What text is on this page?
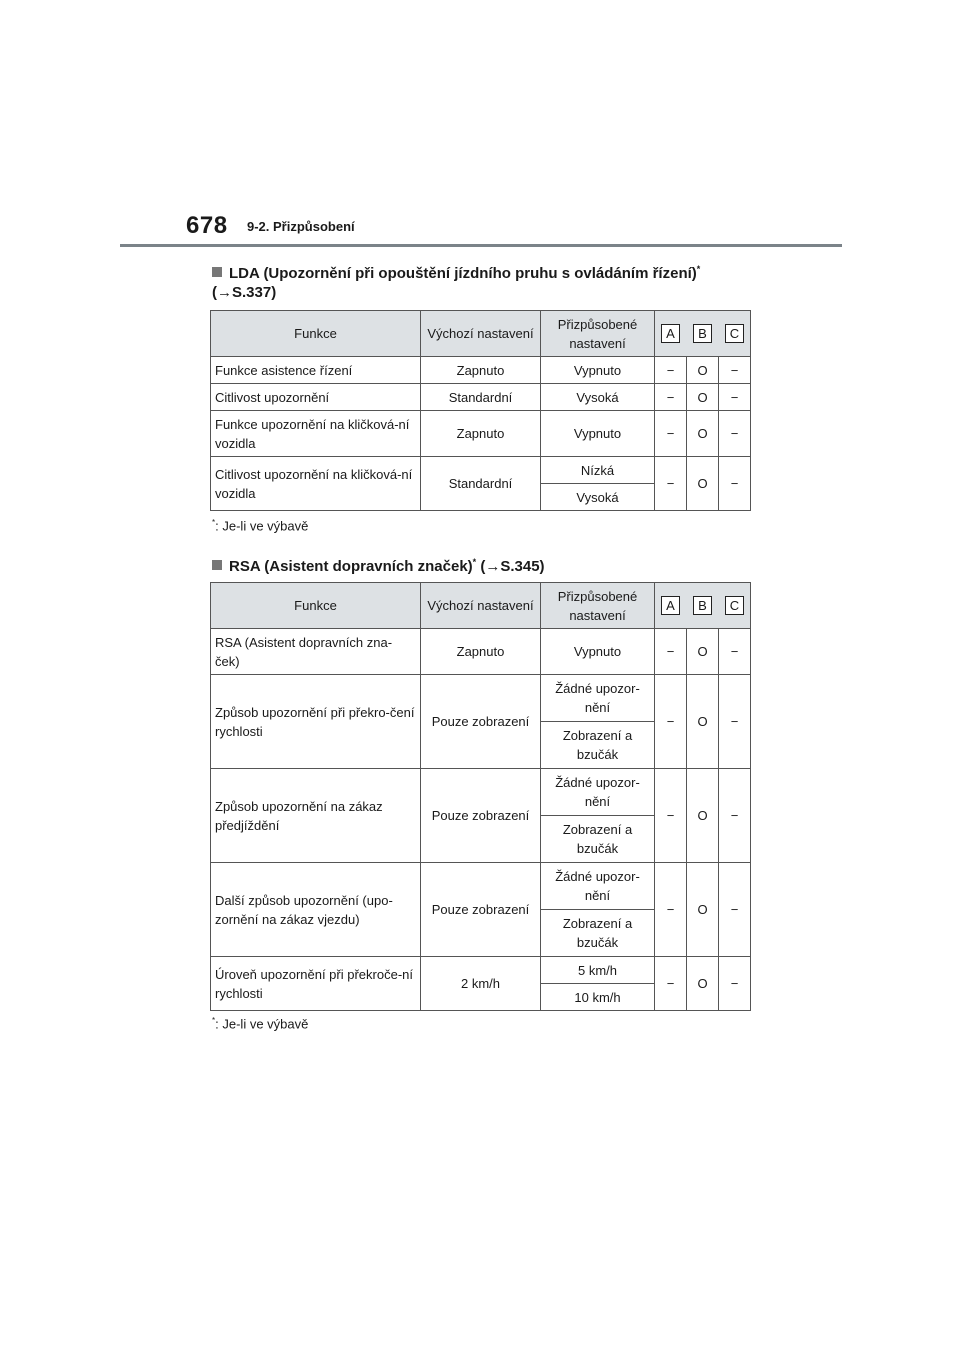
678 9-2. Přizpůsobení
LDA (Upozornění při opouštění jízdního pruhu s ovládáním řízení)*
(→S.337)
Funkce	Výchozí nastavení	Přizpůsobené nastavení	A B C		

Funkce asistence řízení	Zapnuto	Vypnuto	−	O	−
Citlivost upozornění	Standardní	Vysoká	−	O	−
Funkce upozornění na kličková-ní vozidla	Zapnuto	Vypnuto	−	O	−
Citlivost upozornění na kličková-ní vozidla	Standardní	Nízká	−	O	−
		Vysoká			
*: Je-li ve výbavě
RSA (Asistent dopravních značek)* (→S.345)
Funkce	Výchozí nastavení	Přizpůsobené nastavení	A B C		

RSA (Asistent dopravních zna-ček)	Zapnuto	Vypnuto	−	O	−
Způsob upozornění při překro-čení rychlosti	Pouze zobrazení	Žádné upozor-nění	−	O	−
		Zobrazení a bzučák			
Způsob upozornění na zákaz předjíždění	Pouze zobrazení	Žádné upozor-nění	−	O	−
		Zobrazení a bzučák			
Další způsob upozornění (upo-zornění na zákaz vjezdu)	Pouze zobrazení	Žádné upozor-nění	−	O	−
		Zobrazení a bzučák			
Úroveň upozornění při překroče-ní rychlosti	2 km/h	5 km/h	−	O	−
		10 km/h			
*: Je-li ve výbavě
